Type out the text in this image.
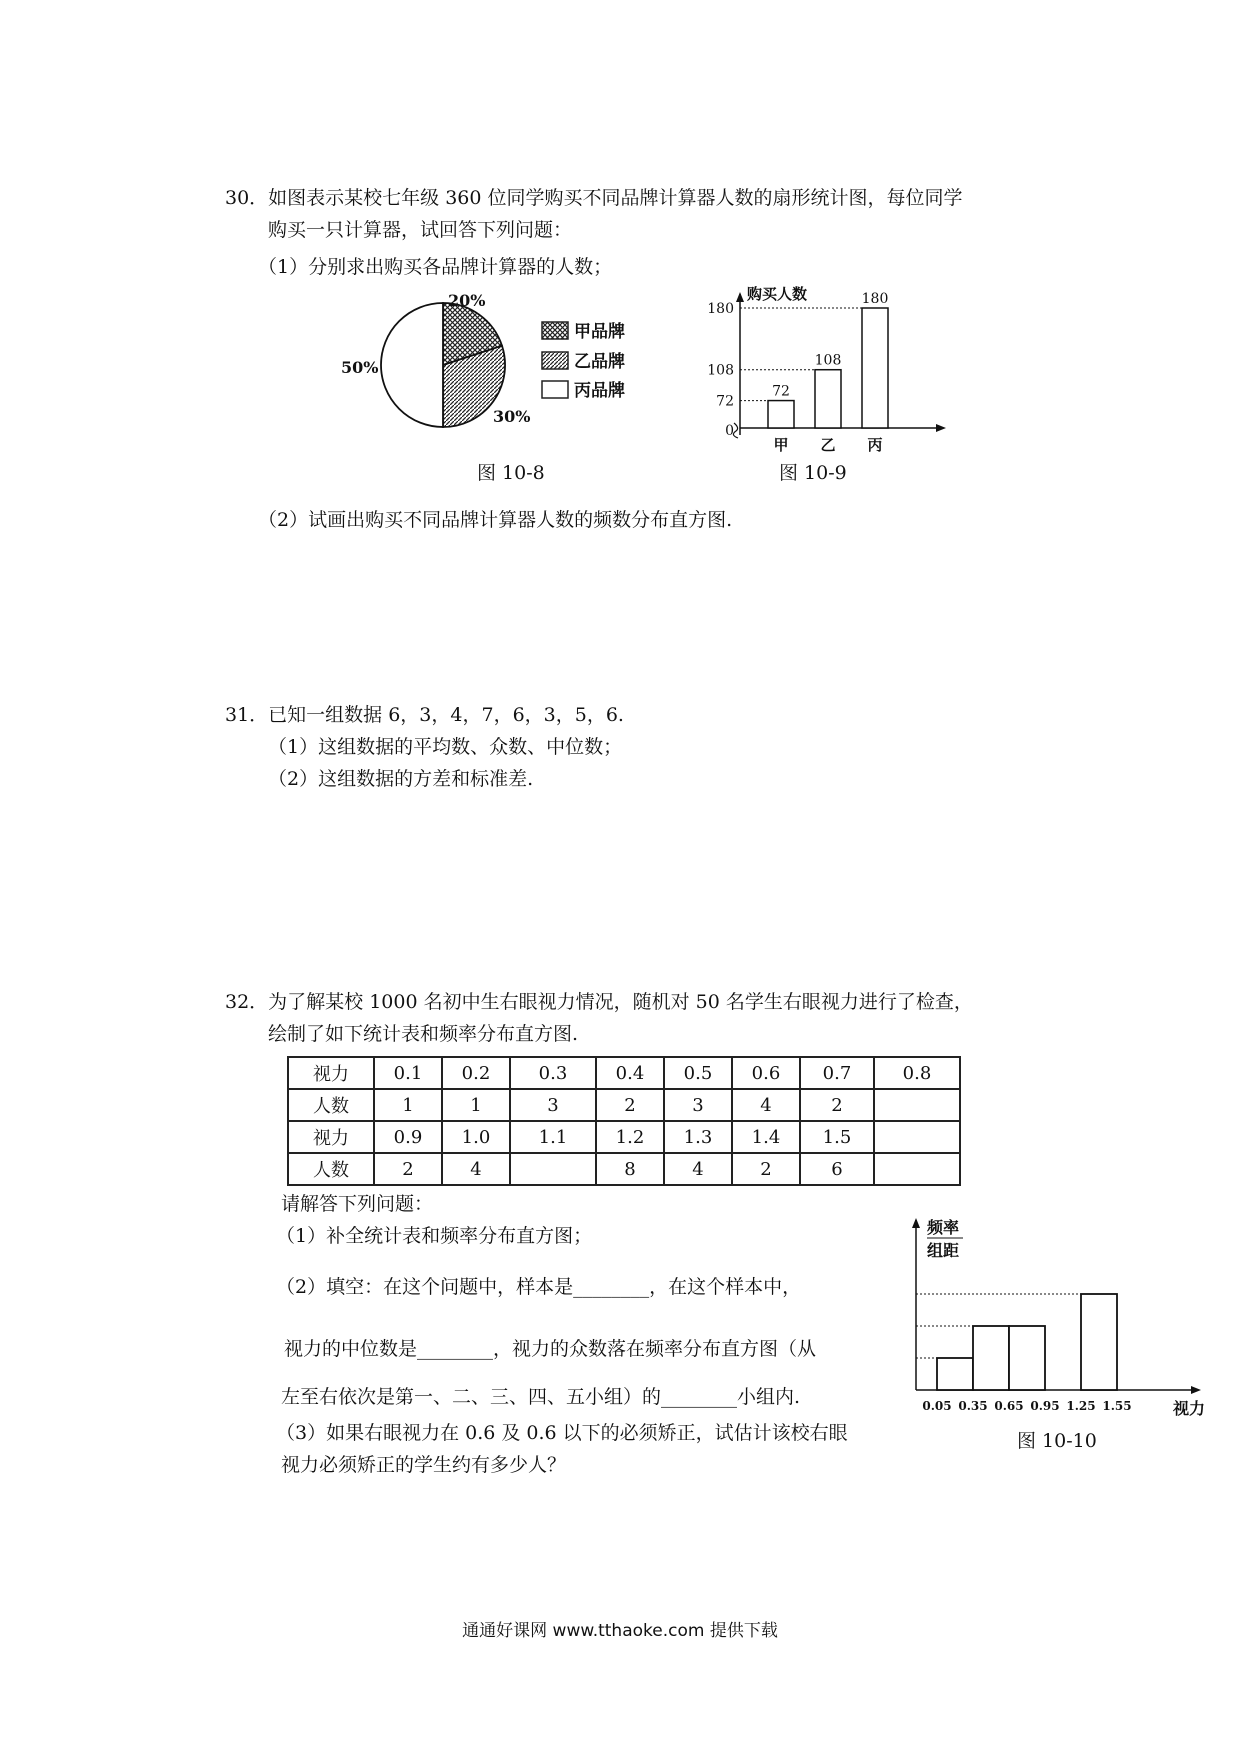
30．如图表示某校七年级 360 位同学购买不同品牌计算器人数的扇形统计图，每位同学
购买一只计算器，试回答下列问题：
（1）分别求出购买各品牌计算器的人数；
20%
30%
50%
甲品牌
乙品牌
丙品牌
购买人数
72
72
甲
108
108
乙
180
180
丙
0
图 10-8	图 10-9
（2）试画出购买不同品牌计算器人数的频数分布直方图.
31．已知一组数据 6，3，4，7，6，3，5，6.
（1）这组数据的平均数、众数、中位数；
（2）这组数据的方差和标准差.
32．为了解某校 1000 名初中生右眼视力情况，随机对 50 名学生右眼视力进行了检查，
绘制了如下统计表和频率分布直方图.
视力	0.1	0.2	0.3	0.4	0.5	0.6	0.7	0.8
人数	1	1	3	2	3	4	2	
视力	0.9	1.0	1.1	1.2	1.3	1.4	1.5	
人数	2	4		8	4	2	6	
请解答下列问题：
（1）补全统计表和频率分布直方图；
（2）填空：在这个问题中，样本是________，在这个样本中，
视力的中位数是________，视力的众数落在频率分布直方图（从
左至右依次是第一、二、三、四、五小组）的________小组内.
（3）如果右眼视力在 0.6 及 0.6 以下的必须矫正，试估计该校右眼
视力必须矫正的学生约有多少人？
频率
组距
视力
0.05 0.35 0.65 0.95 1.25 1.55
图 10-10
通通好课网 www.tthaoke.com 提供下载
